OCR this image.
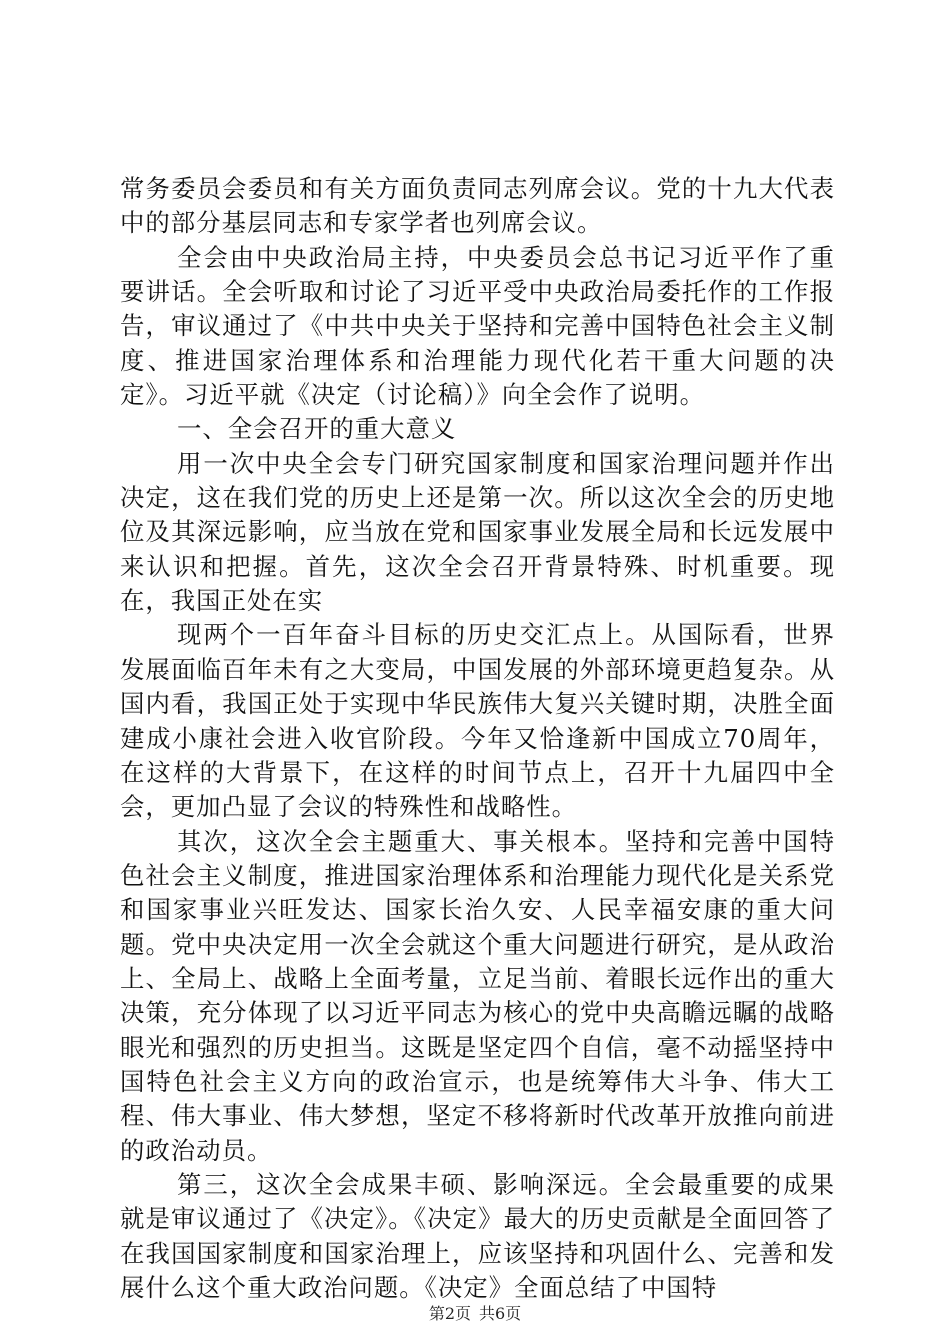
常务委员会委员和有关方面负责同志列席会议。党的十九大代表中的部分基层同志和专家学者也列席会议。

全会由中央政治局主持，中央委员会总书记习近平作了重要讲话。全会听取和讨论了习近平受中央政治局委托作的工作报告，审议通过了《中共中央关于坚持和完善中国特色社会主义制度、推进国家治理体系和治理能力现代化若干重大问题的决定》。习近平就《决定（讨论稿）》向全会作了说明。

一、全会召开的重大意义

用一次中央全会专门研究国家制度和国家治理问题并作出决定，这在我们党的历史上还是第一次。所以这次全会的历史地位及其深远影响，应当放在党和国家事业发展全局和长远发展中来认识和把握。首先，这次全会召开背景特殊、时机重要。现在，我国正处在实

现两个一百年奋斗目标的历史交汇点上。从国际看，世界发展面临百年未有之大变局，中国发展的外部环境更趋复杂。从国内看，我国正处于实现中华民族伟大复兴关键时期，决胜全面建成小康社会进入收官阶段。今年又恰逢新中国成立70周年，在这样的大背景下，在这样的时间节点上，召开十九届四中全会，更加凸显了会议的特殊性和战略性。

其次，这次全会主题重大、事关根本。坚持和完善中国特色社会主义制度，推进国家治理体系和治理能力现代化是关系党和国家事业兴旺发达、国家长治久安、人民幸福安康的重大问题。党中央决定用一次全会就这个重大问题进行研究，是从政治上、全局上、战略上全面考量，立足当前、着眼长远作出的重大决策，充分体现了以习近平同志为核心的党中央高瞻远瞩的战略眼光和强烈的历史担当。这既是坚定四个自信，毫不动摇坚持中国特色社会主义方向的政治宣示，也是统筹伟大斗争、伟大工程、伟大事业、伟大梦想，坚定不移将新时代改革开放推向前进的政治动员。

第三，这次全会成果丰硕、影响深远。全会最重要的成果就是审议通过了《决定》。《决定》最大的历史贡献是全面回答了在我国国家制度和国家治理上，应该坚持和巩固什么、完善和发展什么这个重大政治问题。《决定》全面总结了中国特

第2页 共6页
